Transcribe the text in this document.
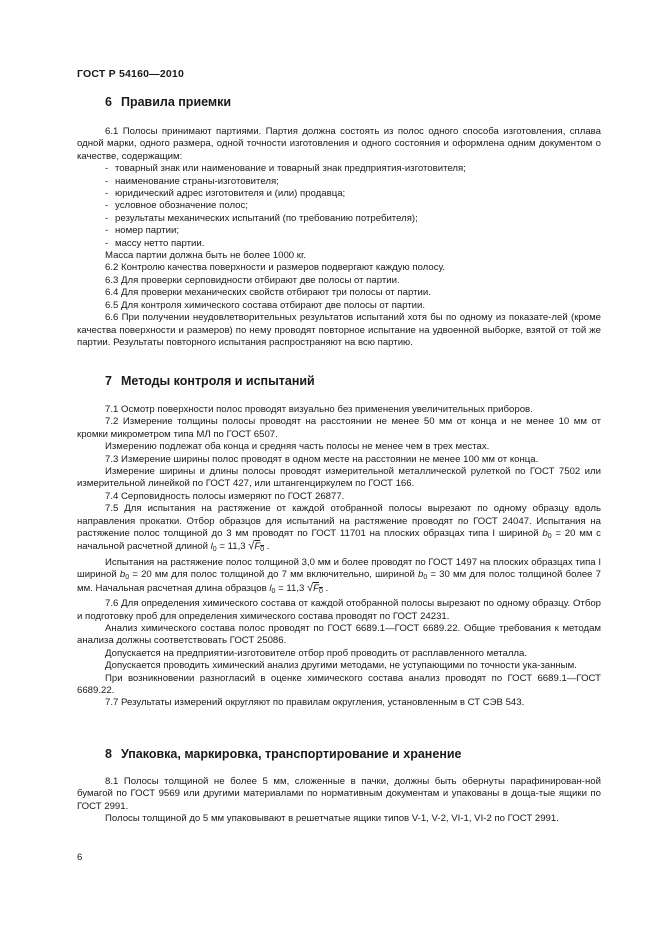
ГОСТ Р 54160—2010
6 Правила приемки

6.1 Полосы принимают партиями. Партия должна состоять из полос одного способа изготовления, сплава одной марки, одного размера, одной точности изготовления и одного состояния и оформлена одним документом о качестве, содержащим:

- товарный знак или наименование и товарный знак предприятия-изготовителя;
- наименование страны-изготовителя;
- юридический адрес изготовителя и (или) продавца;
- условное обозначение полос;
- результаты механических испытаний (по требованию потребителя);
- номер партии;
- массу нетто партии.

Масса партии должна быть не более 1000 кг.

6.2 Контролю качества поверхности и размеров подвергают каждую полосу.

6.3 Для проверки серповидности отбирают две полосы от партии.

6.4 Для проверки механических свойств отбирают три полосы от партии.

6.5 Для контроля химического состава отбирают две полосы от партии.

6.6 При получении неудовлетворительных результатов испытаний хотя бы по одному из показате-лей (кроме качества поверхности и размеров) по нему проводят повторное испытание на удвоенной выборке, взятой от той же партии. Результаты повторного испытания распространяют на всю партию.

7 Методы контроля и испытаний

7.1 Осмотр поверхности полос проводят визуально без применения увеличительных приборов.

7.2 Измерение толщины полосы проводят на расстоянии не менее 50 мм от конца и не менее 10 мм от кромки микрометром типа МЛ по ГОСТ 6507.

Измерению подлежат оба конца и средняя часть полосы не менее чем в трех местах.

7.3 Измерение ширины полос проводят в одном месте на расстоянии не менее 100 мм от конца.

Измерение ширины и длины полосы проводят измерительной металлической рулеткой по ГОСТ 7502 или измерительной линейкой по ГОСТ 427, или штангенциркулем по ГОСТ 166.

7.4 Серповидность полосы измеряют по ГОСТ 26877.

7.5 Для испытания на растяжение от каждой отобранной полосы вырезают по одному образцу вдоль направления прокатки. Отбор образцов для испытаний на растяжение проводят по ГОСТ 24047. Испытания на растяжение полос толщиной до 3 мм проводят по ГОСТ 11701 на плоских образцах типа I шириной $b_0 = 20$ мм с начальной расчетной длиной $l_0 = 11,3$ $√F_0$ .

Испытания на растяжение полос толщиной 3,0 мм и более проводят по ГОСТ 1497 на плоских образцах типа I шириной $b_0 = 20$ мм для полос толщиной до 7 мм включительно, шириной $b_0 = 30$ мм для полос толщиной более 7 мм. Начальная расчетная длина образцов $l_0 = 11,3$ $√F_0$ .

7.6 Для определения химического состава от каждой отобранной полосы вырезают по одному образцу. Отбор и подготовку проб для определения химического состава проводят по ГОСТ 24231.

Анализ химического состава полос проводят по ГОСТ 6689.1—ГОСТ 6689.22. Общие требования к методам анализа должны соответствовать ГОСТ 25086.

Допускается на предприятии-изготовителе отбор проб проводить от расплавленного металла.

Допускается проводить химический анализ другими методами, не уступающими по точности ука-занным.

При возникновении разногласий в оценке химического состава анализ проводят по ГОСТ 6689.1—ГОСТ 6689.22.

7.7 Результаты измерений округляют по правилам округления, установленным в СТ СЭВ 543.

8 Упаковка, маркировка, транспортирование и хранение

8.1 Полосы толщиной не более 5 мм, сложенные в пачки, должны быть обернуты парафинирован-ной бумагой по ГОСТ 9569 или другими материалами по нормативным документам и упакованы в доща-тые ящики по ГОСТ 2991.

Полосы толщиной до 5 мм упаковывают в решетчатые ящики типов V-1, V-2, VI-1, VI-2 по ГОСТ 2991.

6
